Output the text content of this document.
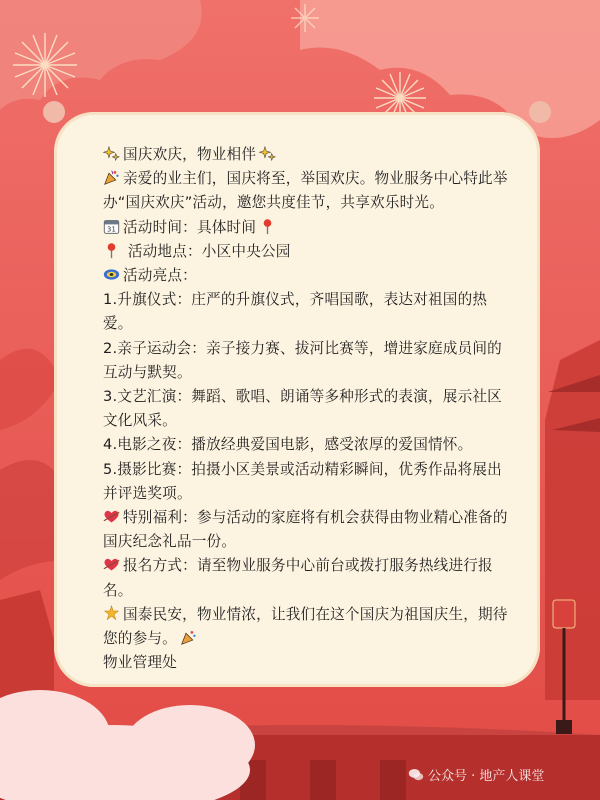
国庆欢庆，物业相伴

亲爱的业主们，国庆将至，举国欢庆。物业服务中心特此举办“国庆欢庆”活动，邀您共度佳节，共享欢乐时光。

31 活动时间：具体时间

活动地点：小区中央公园

活动亮点：

1.升旗仪式：庄严的升旗仪式，齐唱国歌，表达对祖国的热爱。

2.亲子运动会：亲子接力赛、拔河比赛等，增进家庭成员间的互动与默契。

3.文艺汇演：舞蹈、歌唱、朗诵等多种形式的表演，展示社区文化风采。

4.电影之夜：播放经典爱国电影，感受浓厚的爱国情怀。

5.摄影比赛：拍摄小区美景或活动精彩瞬间，优秀作品将展出并评选奖项。

特别福利：参与活动的家庭将有机会获得由物业精心准备的国庆纪念礼品一份。

报名方式：请至物业服务中心前台或拨打服务热线进行报名。

国泰民安，物业情浓，让我们在这个国庆为祖国庆生，期待您的参与。

物业管理处

公众号 · 地产人课堂
